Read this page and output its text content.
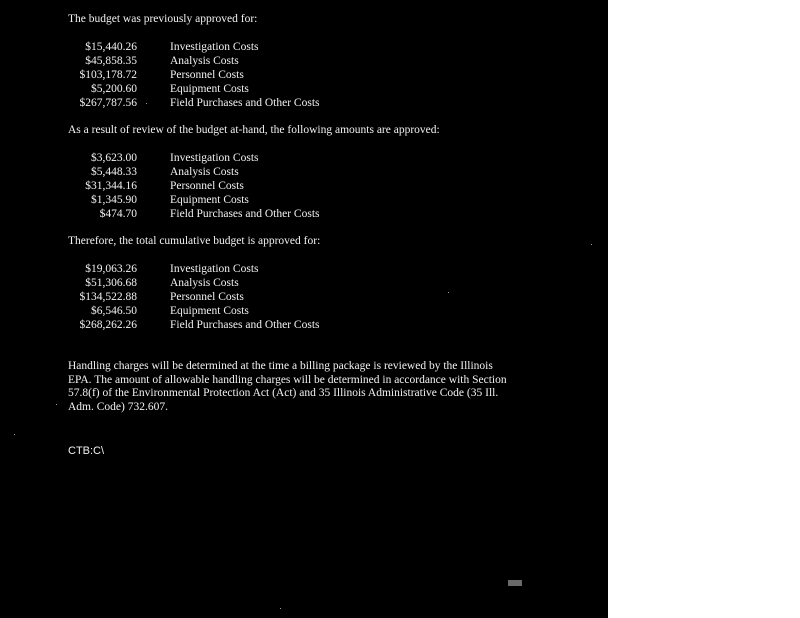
The budget was previously approved for:
$15,440.26	Investigation Costs
$45,858.35	Analysis Costs
$103,178.72	Personnel Costs
$5,200.60	Equipment Costs
$267,787.56	Field Purchases and Other Costs
As a result of review of the budget at-hand, the following amounts are approved:
$3,623.00	Investigation Costs
$5,448.33	Analysis Costs
$31,344.16	Personnel Costs
$1,345.90	Equipment Costs
$474.70	Field Purchases and Other Costs
Therefore, the total cumulative budget is approved for:
$19,063.26	Investigation Costs
$51,306.68	Analysis Costs
$134,522.88	Personnel Costs
$6,546.50	Equipment Costs
$268,262.26	Field Purchases and Other Costs
Handling charges will be determined at the time a billing package is reviewed by the Illinois
EPA. The amount of allowable handling charges will be determined in accordance with Section
57.8(f) of the Environmental Protection Act (Act) and 35 Illinois Administrative Code (35 Ill.
Adm. Code) 732.607.
CTB:C\
